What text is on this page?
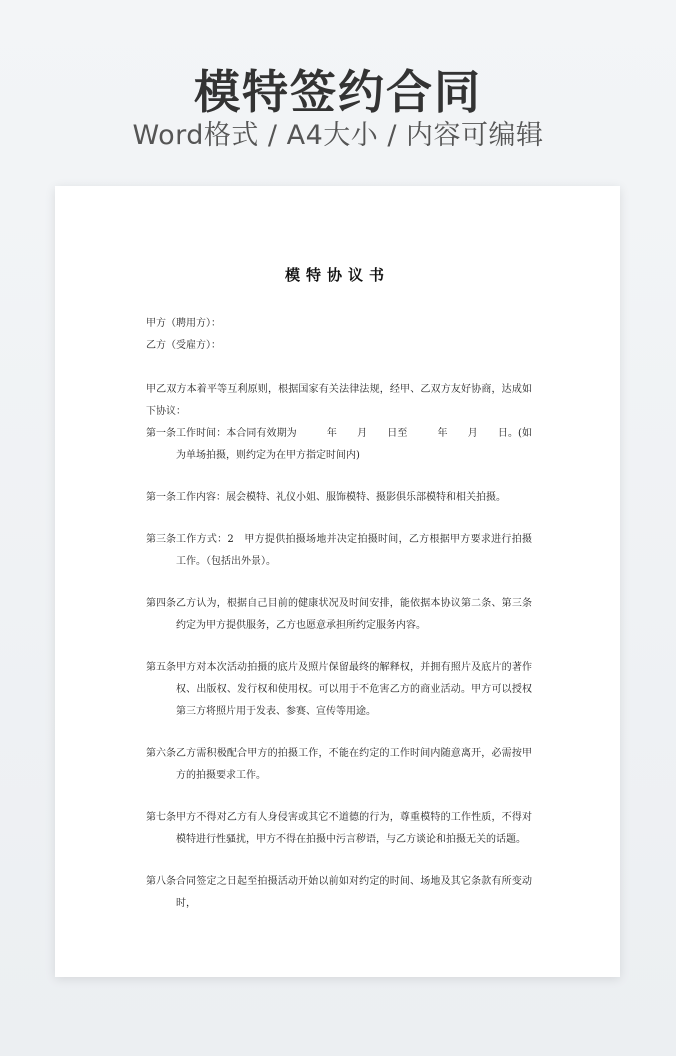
模特签约合同
Word格式 / A4大小 / 内容可编辑
模特协议书
甲方（聘用方）：
乙方（受雇方）：
甲乙双方本着平等互利原则，根据国家有关法律法规，经甲、乙双方友好协商，达成如下协议：
第一条 工作时间：本合同有效期为　　　年　　月　　日至　　　年　　月　　日。(如为单场拍摄，则约定为在甲方指定时间内)
第一条 工作内容：展会模特、礼仪小姐、服饰模特、摄影俱乐部模特和相关拍摄。
第三条 工作方式：2　甲方提供拍摄场地并决定拍摄时间，乙方根据甲方要求进行拍摄工作。（包括出外景）。
第四条 乙方认为，根据自己目前的健康状况及时间安排，能依据本协议第二条、第三条约定为甲方提供服务，乙方也愿意承担所约定服务内容。
第五条 甲方对本次活动拍摄的底片及照片保留最终的解释权，并拥有照片及底片的著作权、出版权、发行权和使用权。可以用于不危害乙方的商业活动。甲方可以授权第三方将照片用于发表、参赛、宣传等用途。
第六条 乙方需积极配合甲方的拍摄工作，不能在约定的工作时间内随意离开，必需按甲方的拍摄要求工作。
第七条 甲方不得对乙方有人身侵害或其它不道德的行为，尊重模特的工作性质，不得对模特进行性骚扰，甲方不得在拍摄中污言秽语，与乙方谈论和拍摄无关的话题。
第八条 合同签定之日起至拍摄活动开始以前如对约定的时间、场地及其它条款有所变动时，
